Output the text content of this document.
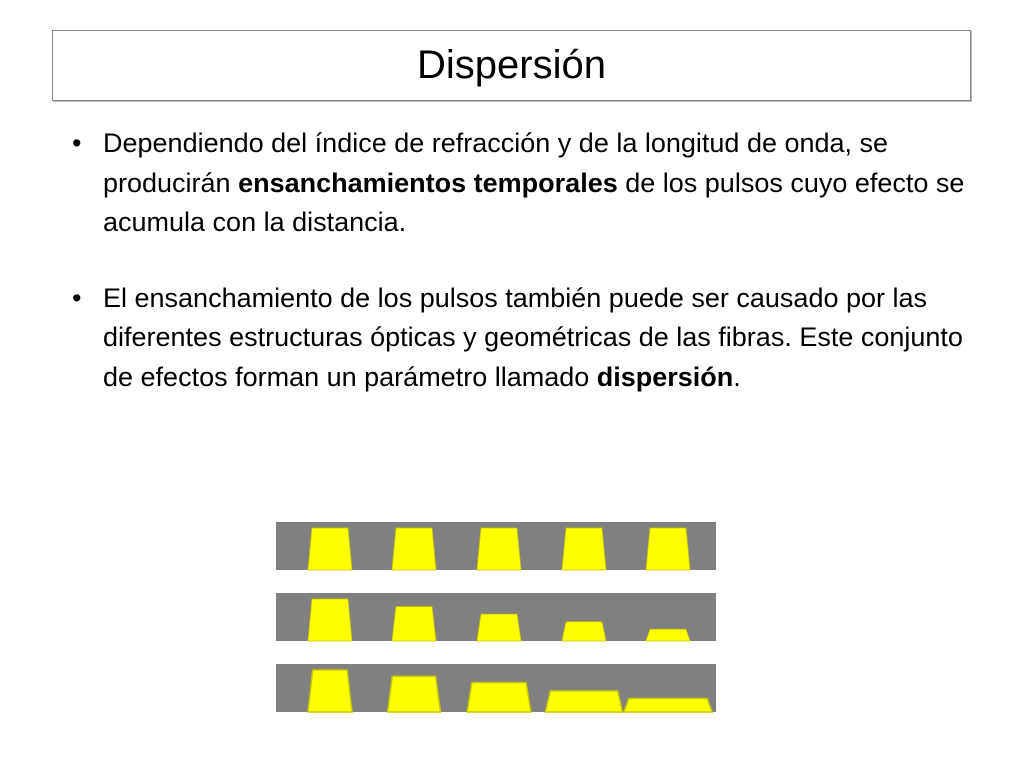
Dispersión
• Dependiendo del índice de refracción y de la longitud de onda, se producirán ensanchamientos temporales de los pulsos cuyo efecto se acumula con la distancia.
• El ensanchamiento de los pulsos también puede ser causado por las diferentes estructuras ópticas y geométricas de las fibras. Este conjunto de efectos forman un parámetro llamado dispersión.
